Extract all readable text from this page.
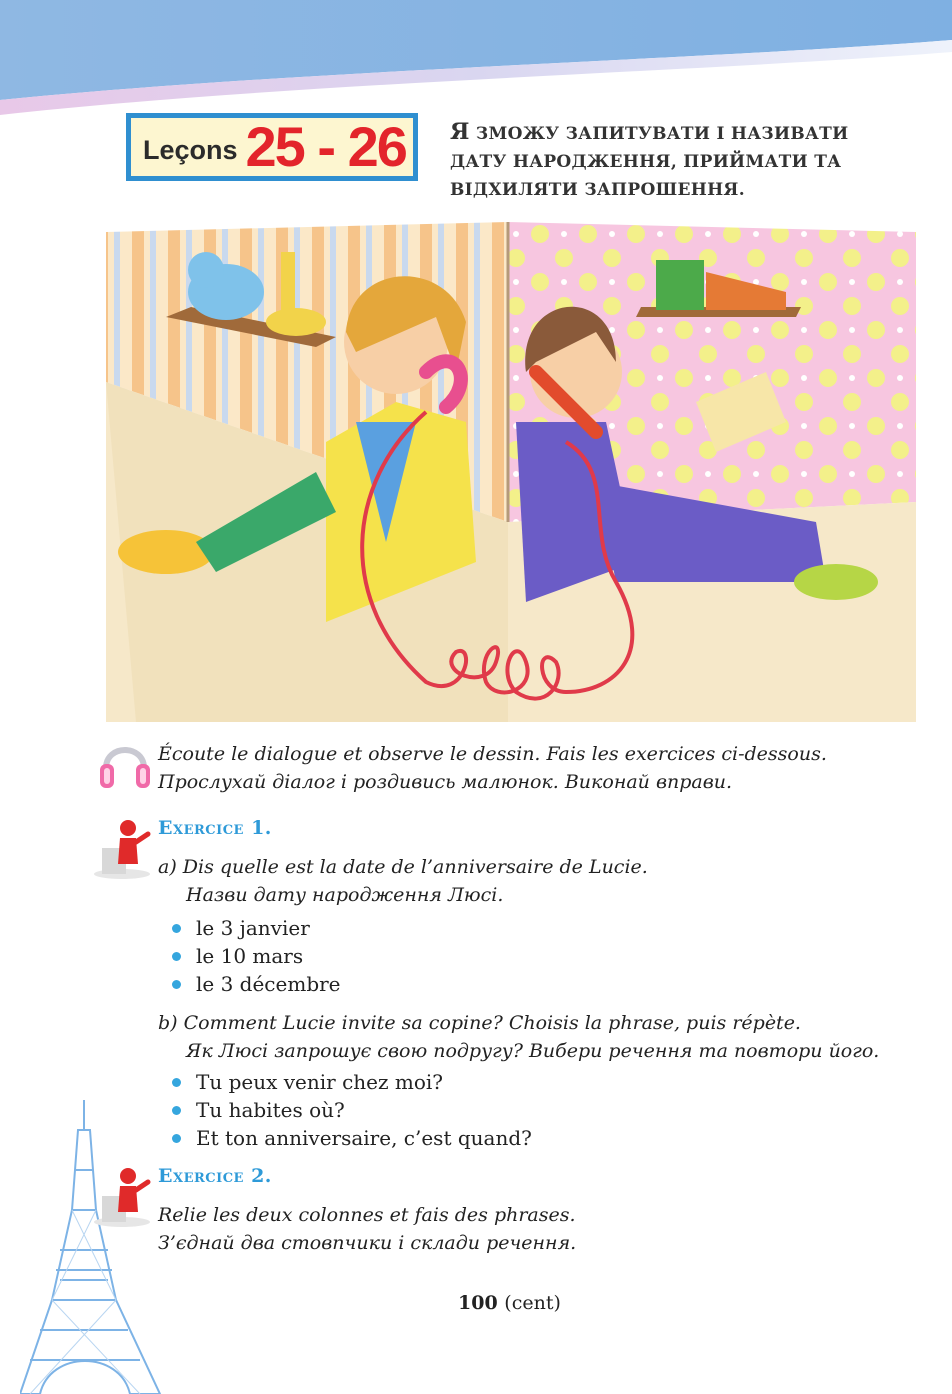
Leçons 25 - 26 Я ЗМОЖУ ЗАПИТУВАТИ І НАЗИВАТИ ДАТУ НАРОДЖЕННЯ, ПРИЙМАТИ ТА ВІДХИЛЯТИ ЗАПРОШЕННЯ.
Écoute le dialogue et observe le dessin. Fais les exercices ci-dessous.
Прослухай діалог і роздивись малюнок. Виконай вправи.
Exercice 1.
a) Dis quelle est la date de l’anniversaire de Lucie.
Назви дату народження Люсі.
le 3 janvier
le 10 mars
le 3 décembre
b) Comment Lucie invite sa copine? Choisis la phrase, puis répète.
Як Люсі запрошує свою подругу? Вибери речення та повтори його.
Tu peux venir chez moi?
Tu habites où?
Et ton anniversaire, c’est quand?
Exercice 2.
Relie les deux colonnes et fais des phrases.
З’єднай два стовпчики і склади речення.
100 (cent)
